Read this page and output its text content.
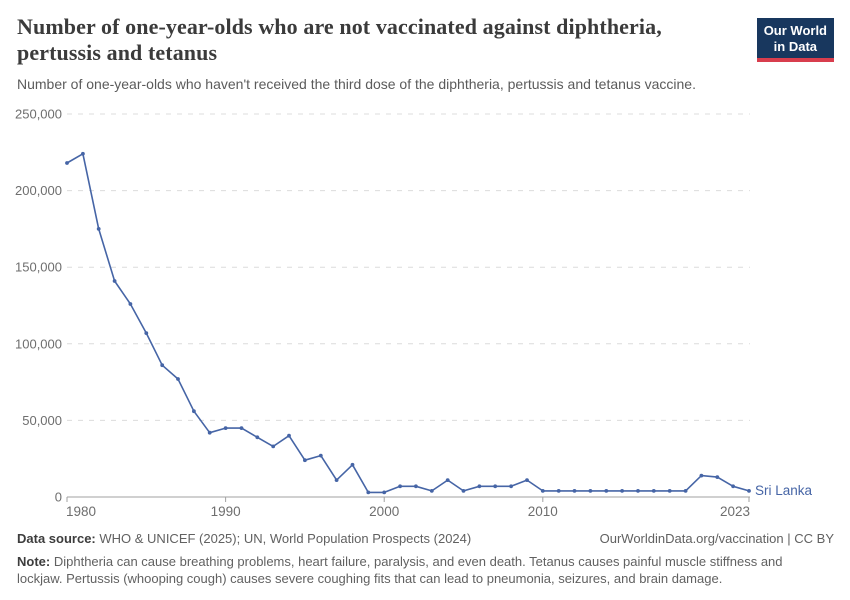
Number of one-year-olds who are not vaccinated against diphtheria, pertussis and tetanus

Number of one-year-olds who haven't received the third dose of the diphtheria, pertussis and tetanus vaccine.

Our World
in Data
0
50,000
100,000
150,000
200,000
250,000
1980	1990	2000	2010	2023
Sri Lanka
Data source: WHO & UNICEF (2025); UN, World Population Prospects (2024)	OurWorldinData.org/vaccination | CC BY
Note: Diphtheria can cause breathing problems, heart failure, paralysis, and even death. Tetanus causes painful muscle stiffness and lockjaw. Pertussis (whooping cough) causes severe coughing fits that can lead to pneumonia, seizures, and brain damage.
